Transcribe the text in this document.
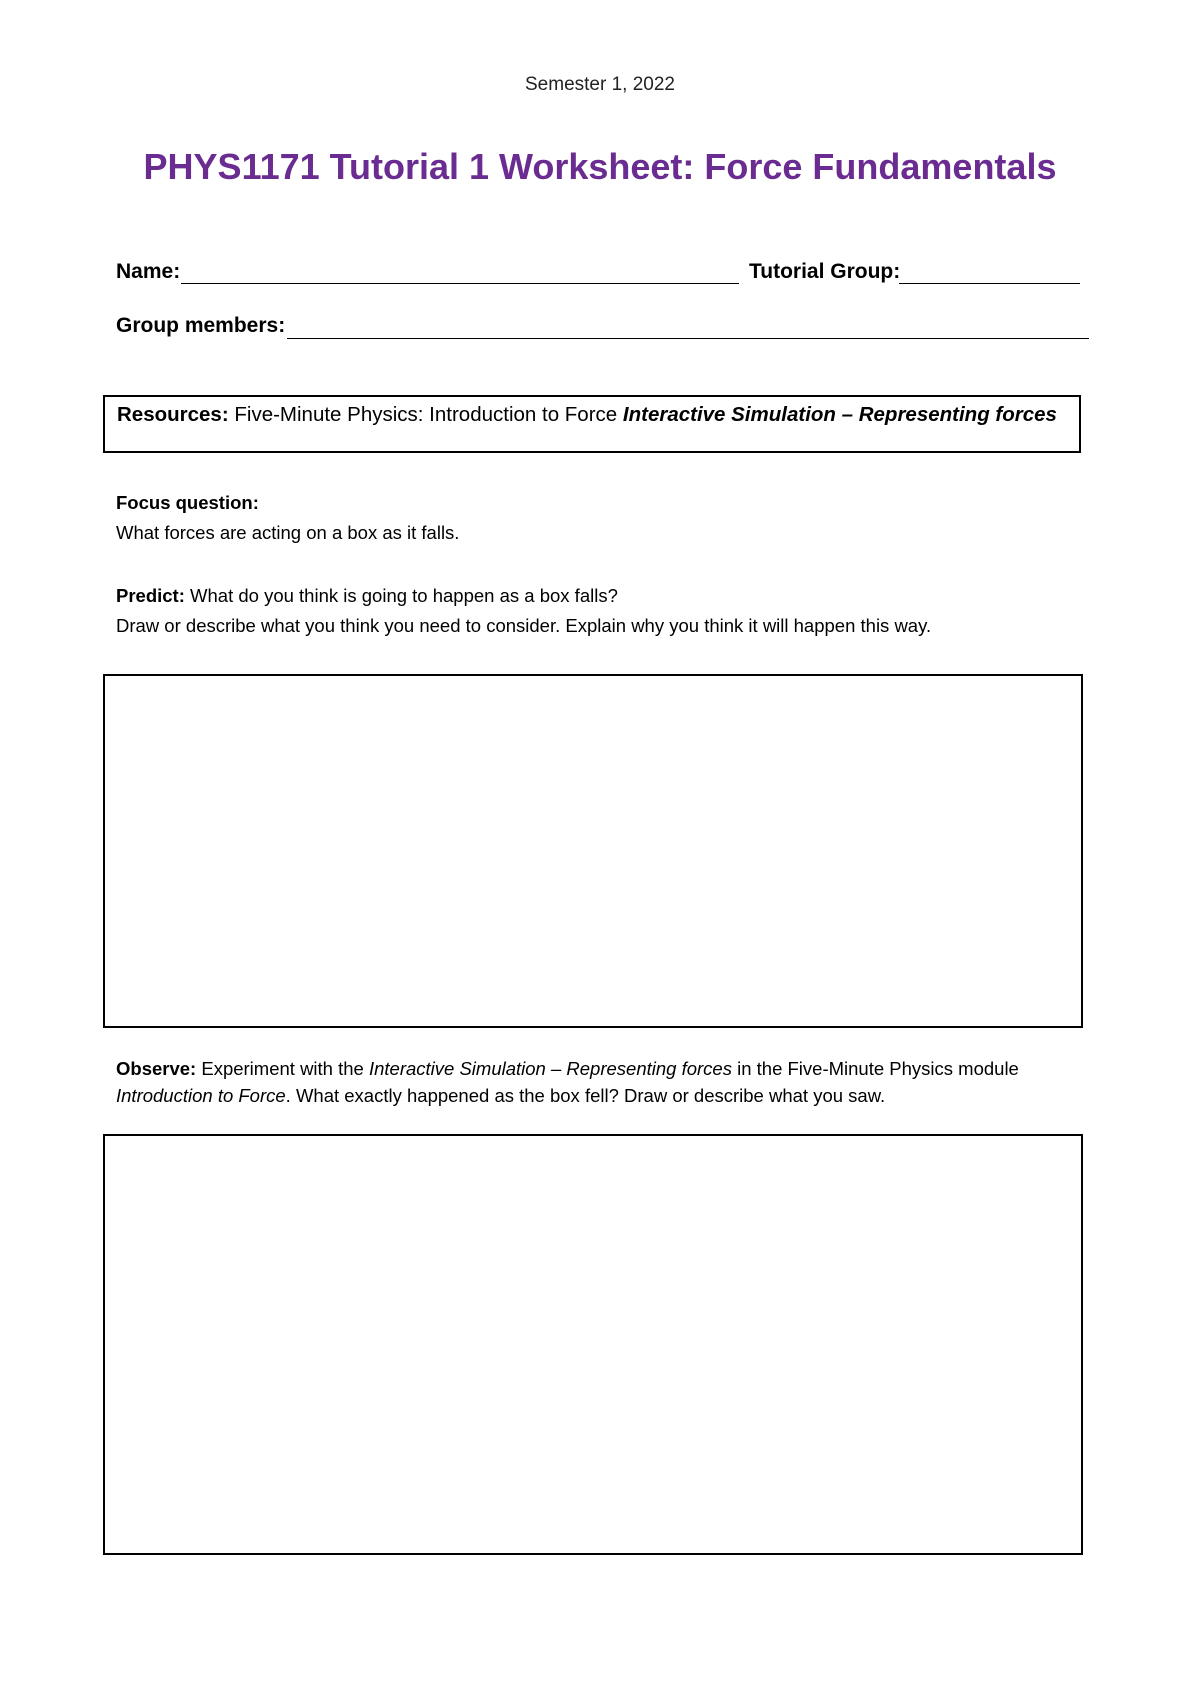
Semester 1, 2022
PHYS1171 Tutorial 1 Worksheet: Force Fundamentals
Name:	Tutorial Group:
Group members:
Resources: Five-Minute Physics: Introduction to Force Interactive Simulation – Representing forces
Focus question:
What forces are acting on a box as it falls.
Predict: What do you think is going to happen as a box falls?
Draw or describe what you think you need to consider. Explain why you think it will happen this way.
Observe: Experiment with the Interactive Simulation – Representing forces in the Five-Minute Physics module Introduction to Force. What exactly happened as the box fell? Draw or describe what you saw.
